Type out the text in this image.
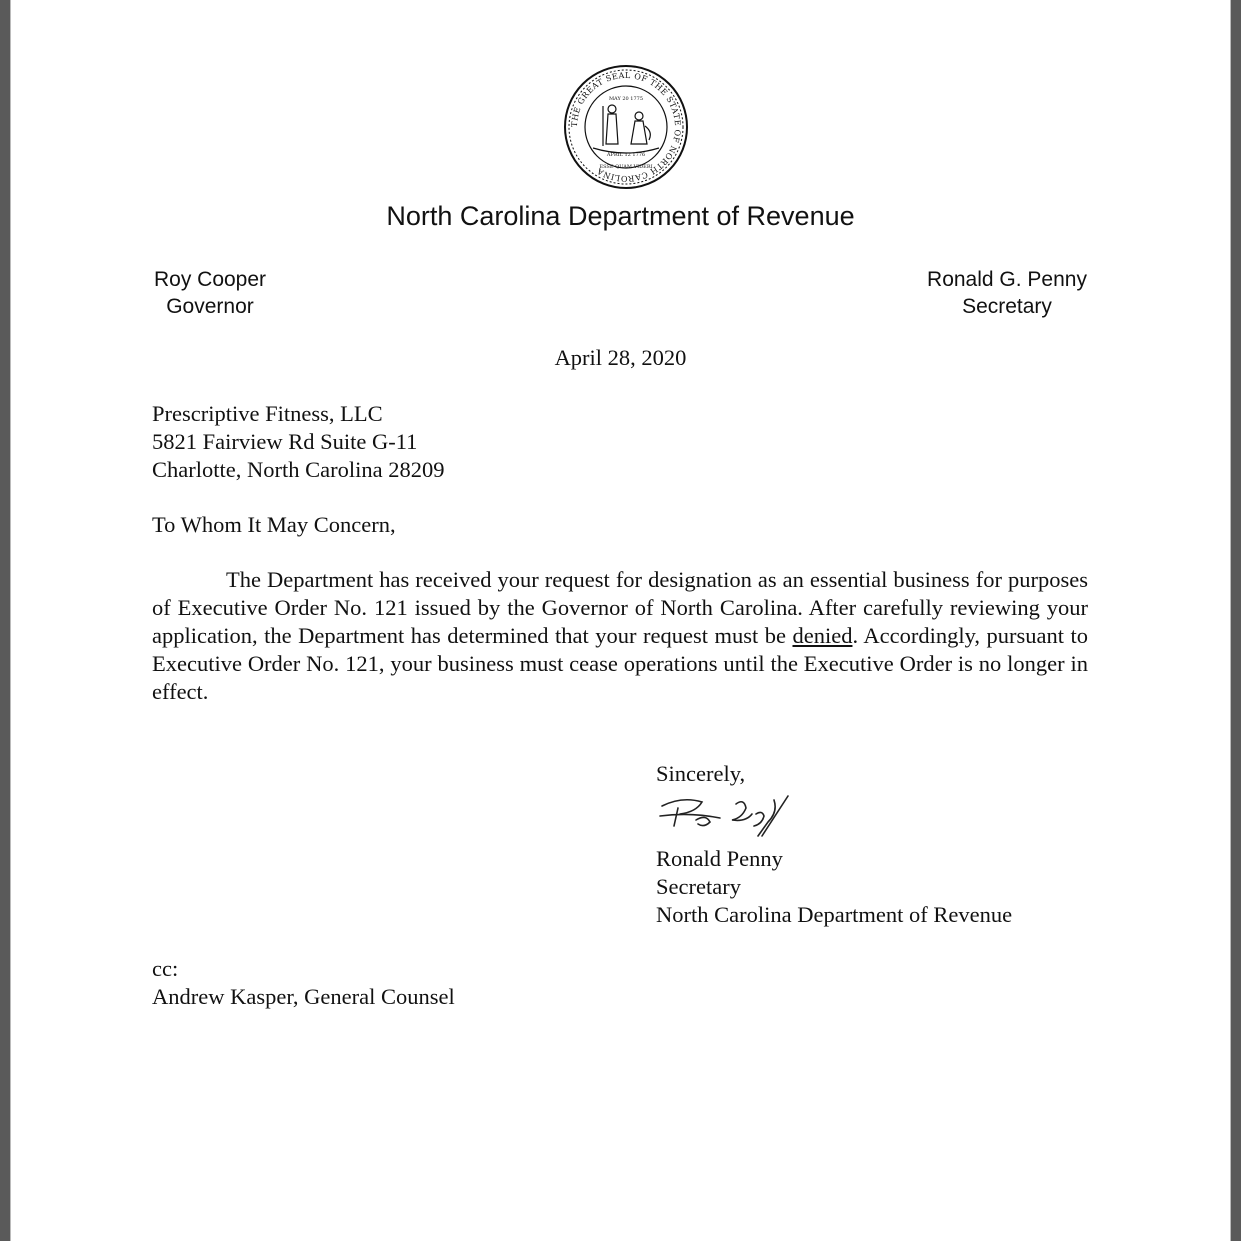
THE GREAT SEAL OF THE STATE OF NORTH CAROLINA
MAY 20 1775
APRIL 12 1776
ESSE QUAM VIDERI
North Carolina Department of Revenue
Roy Cooper
Governor
Ronald G. Penny
Secretary
April 28, 2020
Prescriptive Fitness, LLC
5821 Fairview Rd Suite G-11
Charlotte, North Carolina 28209
To Whom It May Concern,

The Department has received your request for designation as an essential business for purposes of Executive Order No. 121 issued by the Governor of North Carolina. After carefully reviewing your application, the Department has determined that your request must be denied. Accordingly, pursuant to Executive Order No. 121, your business must cease operations until the Executive Order is no longer in effect.

Sincerely,
Ronald Penny
Secretary
North Carolina Department of Revenue
cc:
Andrew Kasper, General Counsel
